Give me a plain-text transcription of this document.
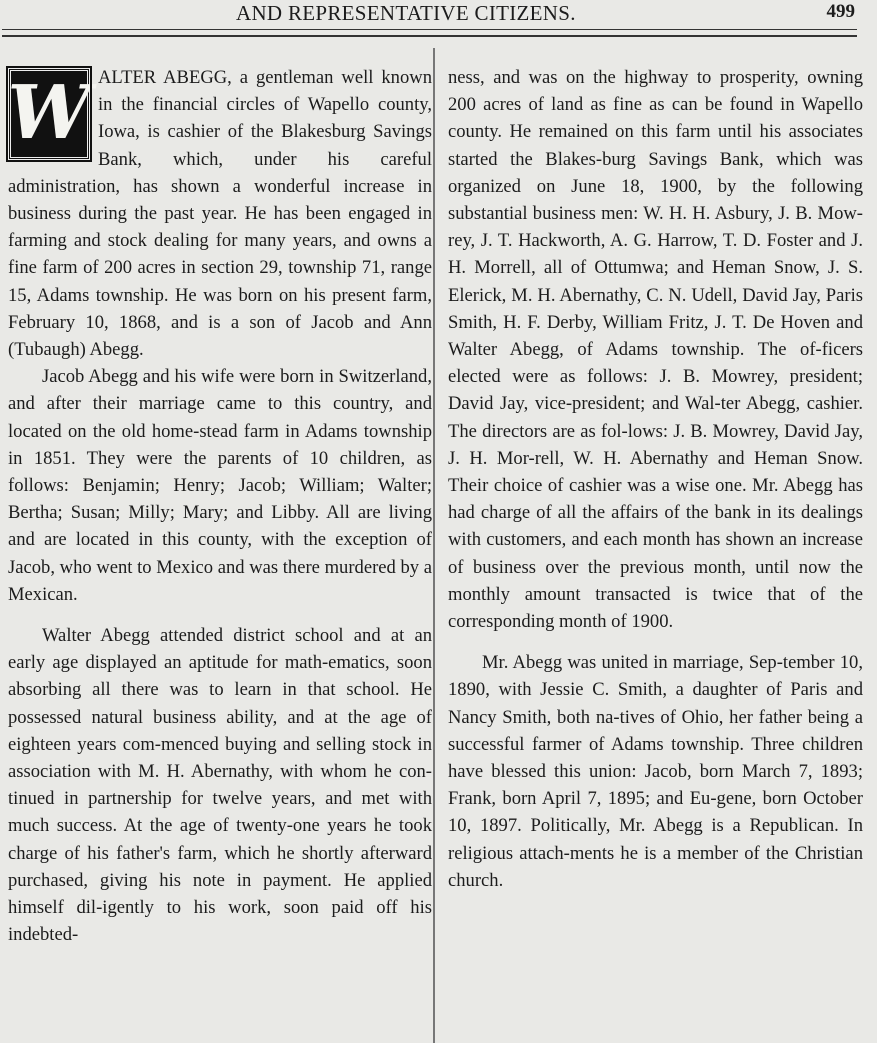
AND REPRESENTATIVE CITIZENS.	499

W ALTER ABEGG, a gentleman well known in the financial circles of Wapello county, Iowa, is cashier of the Blakesburg Savings Bank, which, under his careful administration, has shown a wonderful increase in business during the past year. He has been engaged in farming and stock dealing for many years, and owns a fine farm of 200 acres in section 29, township 71, range 15, Adams township. He was born on his present farm, February 10, 1868, and is a son of Jacob and Ann (Tubaugh) Abegg.

Jacob Abegg and his wife were born in Switzerland, and after their marriage came to this country, and located on the old home-stead farm in Adams township in 1851. They were the parents of 10 children, as follows: Benjamin; Henry; Jacob; William; Walter; Bertha; Susan; Milly; Mary; and Libby. All are living and are located in this county, with the exception of Jacob, who went to Mexico and was there murdered by a Mexican.

Walter Abegg attended district school and at an early age displayed an aptitude for math-ematics, soon absorbing all there was to learn in that school. He possessed natural business ability, and at the age of eighteen years com-menced buying and selling stock in association with M. H. Abernathy, with whom he con-tinued in partnership for twelve years, and met with much success. At the age of twenty-one years he took charge of his father's farm, which he shortly afterward purchased, giving his note in payment. He applied himself dil-igently to his work, soon paid off his indebted-

ness, and was on the highway to prosperity, owning 200 acres of land as fine as can be found in Wapello county. He remained on this farm until his associates started the Blakes-burg Savings Bank, which was organized on June 18, 1900, by the following substantial business men: W. H. H. Asbury, J. B. Mow-rey, J. T. Hackworth, A. G. Harrow, T. D. Foster and J. H. Morrell, all of Ottumwa; and Heman Snow, J. S. Elerick, M. H. Abernathy, C. N. Udell, David Jay, Paris Smith, H. F. Derby, William Fritz, J. T. De Hoven and Walter Abegg, of Adams township. The of-ficers elected were as follows: J. B. Mowrey, president; David Jay, vice-president; and Wal-ter Abegg, cashier. The directors are as fol-lows: J. B. Mowrey, David Jay, J. H. Mor-rell, W. H. Abernathy and Heman Snow. Their choice of cashier was a wise one. Mr. Abegg has had charge of all the affairs of the bank in its dealings with customers, and each month has shown an increase of business over the previous month, until now the monthly amount transacted is twice that of the corresponding month of 1900.

Mr. Abegg was united in marriage, Sep-tember 10, 1890, with Jessie C. Smith, a daughter of Paris and Nancy Smith, both na-tives of Ohio, her father being a successful farmer of Adams township. Three children have blessed this union: Jacob, born March 7, 1893; Frank, born April 7, 1895; and Eu-gene, born October 10, 1897. Politically, Mr. Abegg is a Republican. In religious attach-ments he is a member of the Christian church.
